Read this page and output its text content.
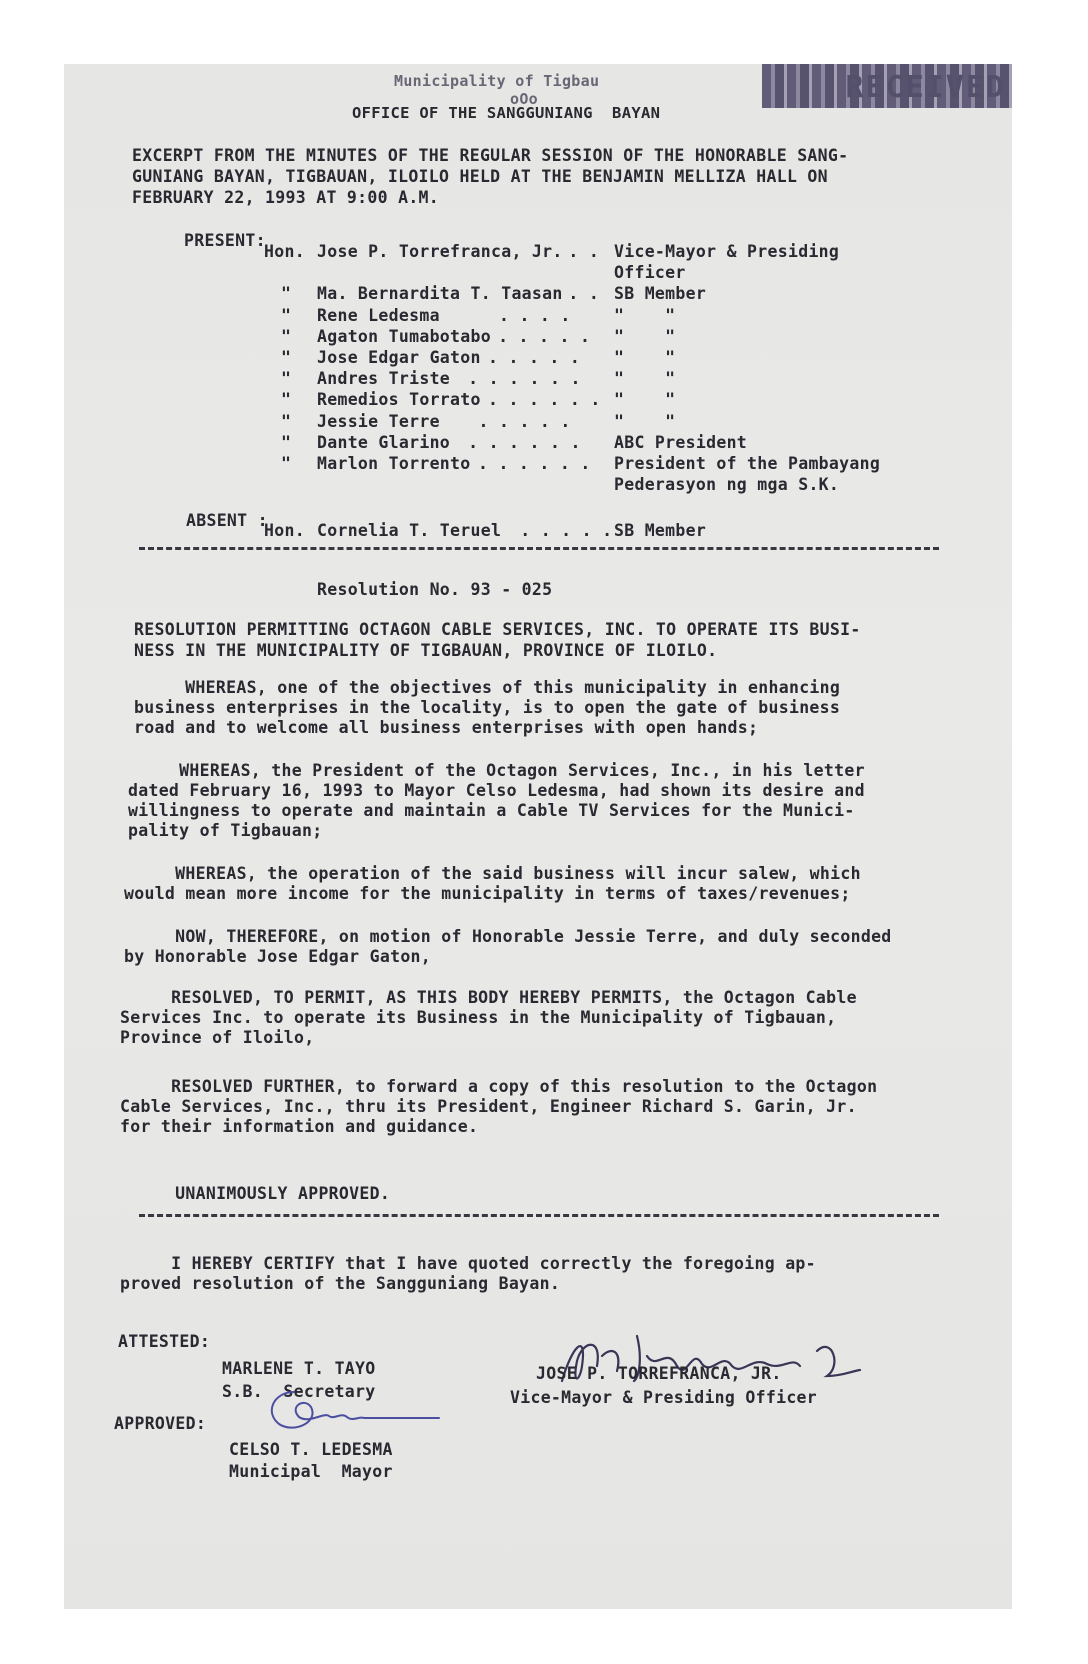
Municipality of Tigbau
oOo
OFFICE OF THE SANGGUNIANG  BAYAN
RECEIVED
EXCERPT FROM THE MINUTES OF THE REGULAR SESSION OF THE HONORABLE SANG-
GUNIANG BAYAN, TIGBAUAN, ILOILO HELD AT THE BENJAMIN MELLIZA HALL ON
FEBRUARY 22, 1993 AT 9:00 A.M.
PRESENT:
ABSENT :
Hon. Cornelia T. Teruel . . . . . SB Member
Resolution No. 93 - 025
RESOLUTION PERMITTING OCTAGON CABLE SERVICES, INC. TO OPERATE ITS BUSI-
NESS IN THE MUNICIPALITY OF TIGBAUAN, PROVINCE OF ILOILO.
UNANIMOUSLY APPROVED.
I HEREBY CERTIFY that I have quoted correctly the foregoing ap-
proved resolution of the Sangguniang Bayan.
ATTESTED:
MARLENE T. TAYO
S.B.  Secretary
JOSE P. TORREFRANCA, JR.
Vice-Mayor & Presiding Officer
APPROVED:
CELSO T. LEDESMA
Municipal  Mayor
Hon. Jose P. Torrefranca, Jr.
. . Vice-Mayor & Presiding
Officer
" Ma. Bernardita T. Taasan
. . SB Member
" Rene Ledesma
. . . .	"    "
" Agaton Tumabotabo
. . . . . "    "
" Jose Edgar Gaton
. . . . . "    "
" Andres Triste
. . . . . . "    "
" Remedios Torrato
. . . . . . "    "
" Jessie Terre
. . . . .	"    "
" Dante Glarino
. . . . . . ABC President
" Marlon Torrento
. . . . . . President of the Pambayang
Pederasyon ng mga S.K.
WHEREAS, one of the objectives of this municipality in enhancing
business enterprises in the locality, is to open the gate of business
road and to welcome all business enterprises with open hands;
WHEREAS, the President of the Octagon Services, Inc., in his letter
dated February 16, 1993 to Mayor Celso Ledesma, had shown its desire and
willingness to operate and maintain a Cable TV Services for the Munici-
pality of Tigbauan;
WHEREAS, the operation of the said business will incur salew, which
would mean more income for the municipality in terms of taxes/revenues;
NOW, THEREFORE, on motion of Honorable Jessie Terre, and duly seconded
by Honorable Jose Edgar Gaton,
RESOLVED, TO PERMIT, AS THIS BODY HEREBY PERMITS, the Octagon Cable
Services Inc. to operate its Business in the Municipality of Tigbauan,
Province of Iloilo,
RESOLVED FURTHER, to forward a copy of this resolution to the Octagon
Cable Services, Inc., thru its President, Engineer Richard S. Garin, Jr.
for their information and guidance.
